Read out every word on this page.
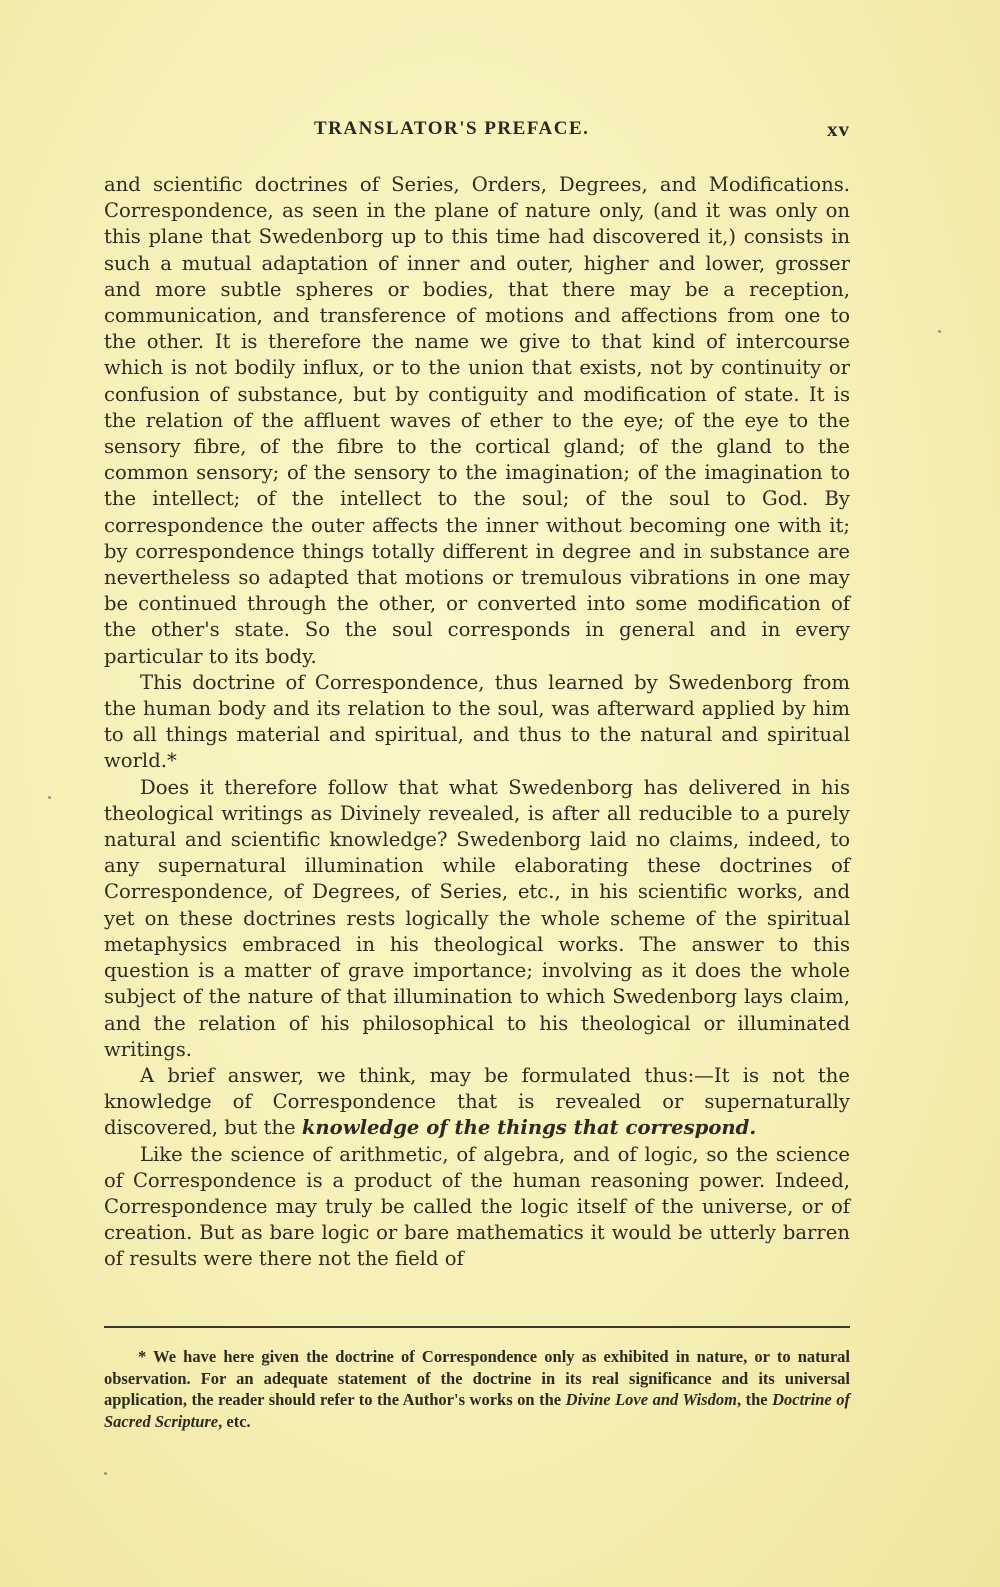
TRANSLATOR'S PREFACE.	xv

and scientific doctrines of Series, Orders, Degrees, and Modifications. Correspondence, as seen in the plane of nature only, (and it was only on this plane that Swedenborg up to this time had discovered it,) consists in such a mutual adaptation of inner and outer, higher and lower, grosser and more subtle spheres or bodies, that there may be a reception, communication, and transference of motions and affections from one to the other. It is therefore the name we give to that kind of intercourse which is not bodily influx, or to the union that exists, not by continuity or confusion of substance, but by contiguity and modification of state. It is the relation of the affluent waves of ether to the eye; of the eye to the sensory fibre, of the fibre to the cortical gland; of the gland to the common sensory; of the sensory to the imagination; of the imagination to the intellect; of the intellect to the soul; of the soul to God. By correspondence the outer affects the inner without becoming one with it; by correspondence things totally different in degree and in substance are nevertheless so adapted that motions or tremulous vibrations in one may be continued through the other, or converted into some modification of the other's state. So the soul corresponds in general and in every particular to its body.

This doctrine of Correspondence, thus learned by Swedenborg from the human body and its relation to the soul, was afterward applied by him to all things material and spiritual, and thus to the natural and spiritual world.*

Does it therefore follow that what Swedenborg has delivered in his theological writings as Divinely revealed, is after all reducible to a purely natural and scientific knowledge? Swedenborg laid no claims, indeed, to any supernatural illumination while elaborating these doctrines of Correspondence, of Degrees, of Series, etc., in his scientific works, and yet on these doctrines rests logically the whole scheme of the spiritual metaphysics embraced in his theological works. The answer to this question is a matter of grave importance; involving as it does the whole subject of the nature of that illumination to which Swedenborg lays claim, and the relation of his philosophical to his theological or illuminated writings.

A brief answer, we think, may be formulated thus:—It is not the knowledge of Correspondence that is revealed or supernaturally discovered, but the knowledge of the things that correspond.

Like the science of arithmetic, of algebra, and of logic, so the science of Correspondence is a product of the human reasoning power. Indeed, Correspondence may truly be called the logic itself of the universe, or of creation. But as bare logic or bare mathematics it would be utterly barren of results were there not the field of

* We have here given the doctrine of Correspondence only as exhibited in nature, or to natural observation. For an adequate statement of the doctrine in its real significance and its universal application, the reader should refer to the Author's works on the Divine Love and Wisdom, the Doctrine of Sacred Scripture, etc.
